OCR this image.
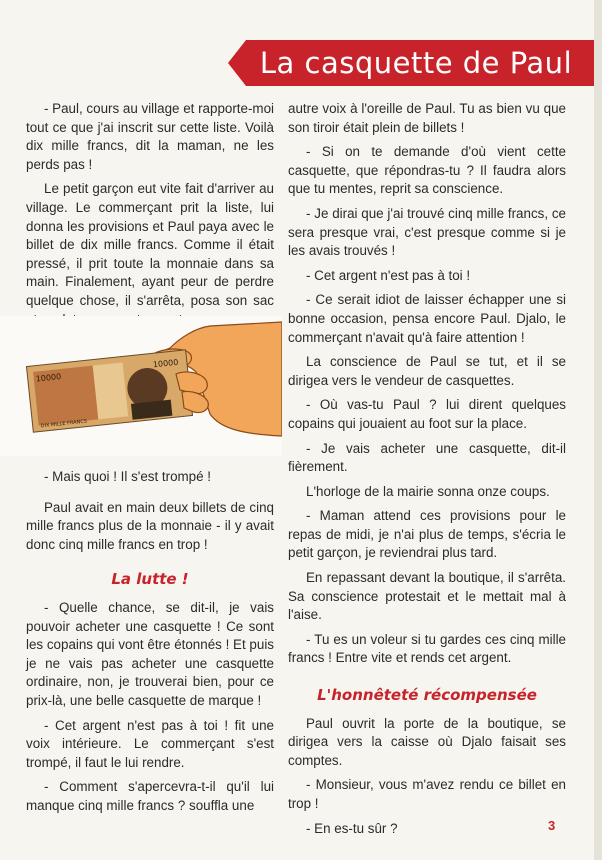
La casquette de Paul

- Paul, cours au village et rapporte-moi tout ce que j'ai inscrit sur cette liste. Voilà dix mille francs, dit la maman, ne les perds pas !

Le petit garçon eut vite fait d'arriver au village. Le commerçant prit la liste, lui donna les provisions et Paul paya avec le billet de dix mille francs. Comme il était pressé, il prit toute la monnaie dans sa main. Finalement, ayant peur de perdre quelque chose, il s'arrêta, posa son sac

10000
10000
DIX MILLE FRANCS

- Mais quoi ! Il s'est trompé !

Paul avait en main deux billets de cinq mille francs plus de la monnaie - il y avait donc cinq mille francs en trop !

La lutte !

- Quelle chance, se dit-il, je vais pouvoir acheter une casquette ! Ce sont les copains qui vont être étonnés ! Et puis je ne vais pas acheter une casquette ordinaire, non, je trouverai bien, pour ce prix-là, une belle casquette de marque !

- Cet argent n'est pas à toi ! fit une voix intérieure. Le commerçant s'est trompé, il faut le lui rendre.

- Comment s'apercevra-t-il qu'il lui manque cinq mille francs ? souffla une

autre voix à l'oreille de Paul. Tu as bien vu que son tiroir était plein de billets !

- Si on te demande d'où vient cette casquette, que répondras-tu ? Il faudra alors que tu mentes, reprit sa conscience.

- Je dirai que j'ai trouvé cinq mille francs, ce sera presque vrai, c'est presque comme si je les avais trouvés !

- Cet argent n'est pas à toi !

- Ce serait idiot de laisser échapper une si bonne occasion, pensa encore Paul. Djalo, le commerçant n'avait qu'à faire attention !

La conscience de Paul se tut, et il se dirigea vers le vendeur de casquettes.

- Où vas-tu Paul ? lui dirent quelques copains qui jouaient au foot sur la place.

- Je vais acheter une casquette, dit-il fièrement.

L'horloge de la mairie sonna onze coups.

- Maman attend ces provisions pour le repas de midi, je n'ai plus de temps, s'écria le petit garçon, je reviendrai plus tard.

En repassant devant la boutique, il s'arrêta. Sa conscience protestait et le mettait mal à l'aise.

- Tu es un voleur si tu gardes ces cinq mille francs ! Entre vite et rends cet argent.

L'honnêteté récompensée

Paul ouvrit la porte de la boutique, se dirigea vers la caisse où Djalo faisait ses comptes.

- Monsieur, vous m'avez rendu ce billet en trop !

- En es-tu sûr ?	3
